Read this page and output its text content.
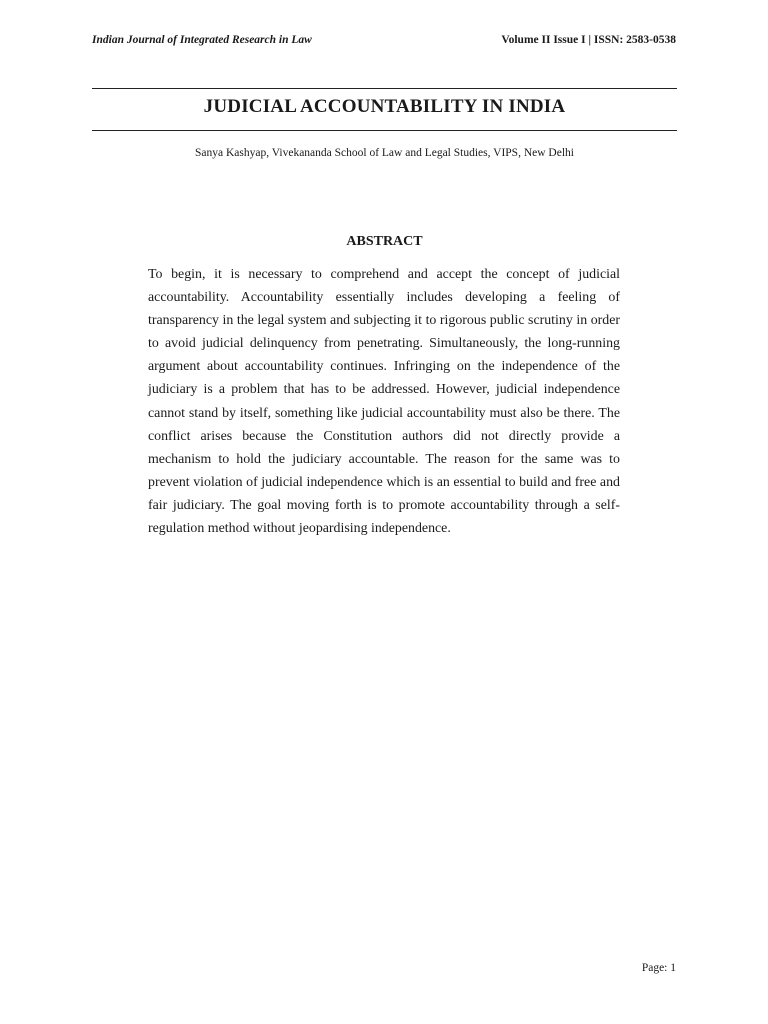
Indian Journal of Integrated Research in Law	Volume II Issue I | ISSN: 2583-0538
JUDICIAL ACCOUNTABILITY IN INDIA
Sanya Kashyap, Vivekananda School of Law and Legal Studies, VIPS, New Delhi
ABSTRACT

To begin, it is necessary to comprehend and accept the concept of judicial accountability. Accountability essentially includes developing a feeling of transparency in the legal system and subjecting it to rigorous public scrutiny in order to avoid judicial delinquency from penetrating. Simultaneously, the long-running argument about accountability continues. Infringing on the independence of the judiciary is a problem that has to be addressed. However, judicial independence cannot stand by itself, something like judicial accountability must also be there. The conflict arises because the Constitution authors did not directly provide a mechanism to hold the judiciary accountable. The reason for the same was to prevent violation of judicial independence which is an essential to build and free and fair judiciary. The goal moving forth is to promote accountability through a self-regulation method without jeopardising independence.

Page: 1
